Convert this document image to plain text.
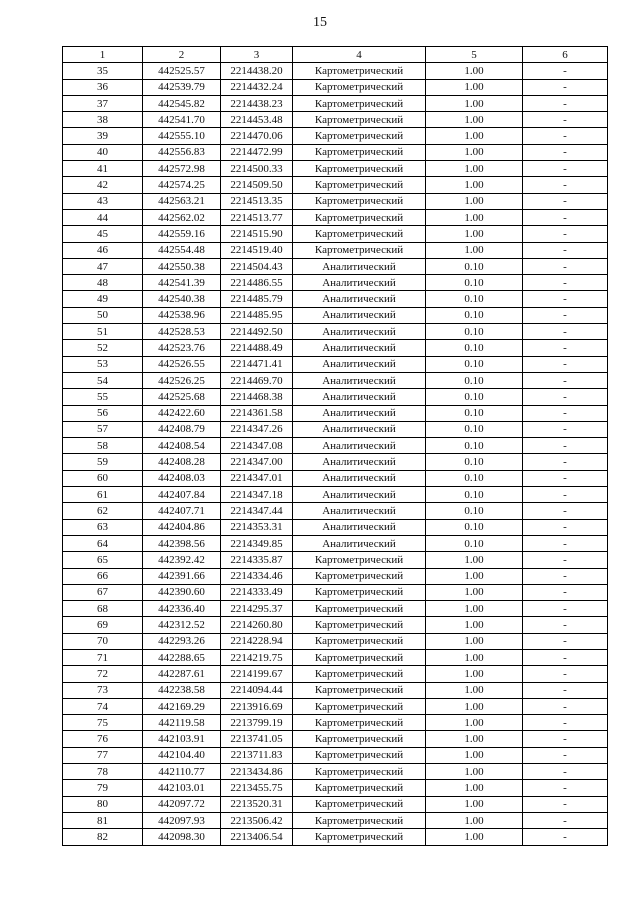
15
1	2	3	4	5	6
35	442525.57	2214438.20	Картометрический	1.00	-
36	442539.79	2214432.24	Картометрический	1.00	-
37	442545.82	2214438.23	Картометрический	1.00	-
38	442541.70	2214453.48	Картометрический	1.00	-
39	442555.10	2214470.06	Картометрический	1.00	-
40	442556.83	2214472.99	Картометрический	1.00	-
41	442572.98	2214500.33	Картометрический	1.00	-
42	442574.25	2214509.50	Картометрический	1.00	-
43	442563.21	2214513.35	Картометрический	1.00	-
44	442562.02	2214513.77	Картометрический	1.00	-
45	442559.16	2214515.90	Картометрический	1.00	-
46	442554.48	2214519.40	Картометрический	1.00	-
47	442550.38	2214504.43	Аналитический	0.10	-
48	442541.39	2214486.55	Аналитический	0.10	-
49	442540.38	2214485.79	Аналитический	0.10	-
50	442538.96	2214485.95	Аналитический	0.10	-
51	442528.53	2214492.50	Аналитический	0.10	-
52	442523.76	2214488.49	Аналитический	0.10	-
53	442526.55	2214471.41	Аналитический	0.10	-
54	442526.25	2214469.70	Аналитический	0.10	-
55	442525.68	2214468.38	Аналитический	0.10	-
56	442422.60	2214361.58	Аналитический	0.10	-
57	442408.79	2214347.26	Аналитический	0.10	-
58	442408.54	2214347.08	Аналитический	0.10	-
59	442408.28	2214347.00	Аналитический	0.10	-
60	442408.03	2214347.01	Аналитический	0.10	-
61	442407.84	2214347.18	Аналитический	0.10	-
62	442407.71	2214347.44	Аналитический	0.10	-
63	442404.86	2214353.31	Аналитический	0.10	-
64	442398.56	2214349.85	Аналитический	0.10	-
65	442392.42	2214335.87	Картометрический	1.00	-
66	442391.66	2214334.46	Картометрический	1.00	-
67	442390.60	2214333.49	Картометрический	1.00	-
68	442336.40	2214295.37	Картометрический	1.00	-
69	442312.52	2214260.80	Картометрический	1.00	-
70	442293.26	2214228.94	Картометрический	1.00	-
71	442288.65	2214219.75	Картометрический	1.00	-
72	442287.61	2214199.67	Картометрический	1.00	-
73	442238.58	2214094.44	Картометрический	1.00	-
74	442169.29	2213916.69	Картометрический	1.00	-
75	442119.58	2213799.19	Картометрический	1.00	-
76	442103.91	2213741.05	Картометрический	1.00	-
77	442104.40	2213711.83	Картометрический	1.00	-
78	442110.77	2213434.86	Картометрический	1.00	-
79	442103.01	2213455.75	Картометрический	1.00	-
80	442097.72	2213520.31	Картометрический	1.00	-
81	442097.93	2213506.42	Картометрический	1.00	-
82	442098.30	2213406.54	Картометрический	1.00	-
